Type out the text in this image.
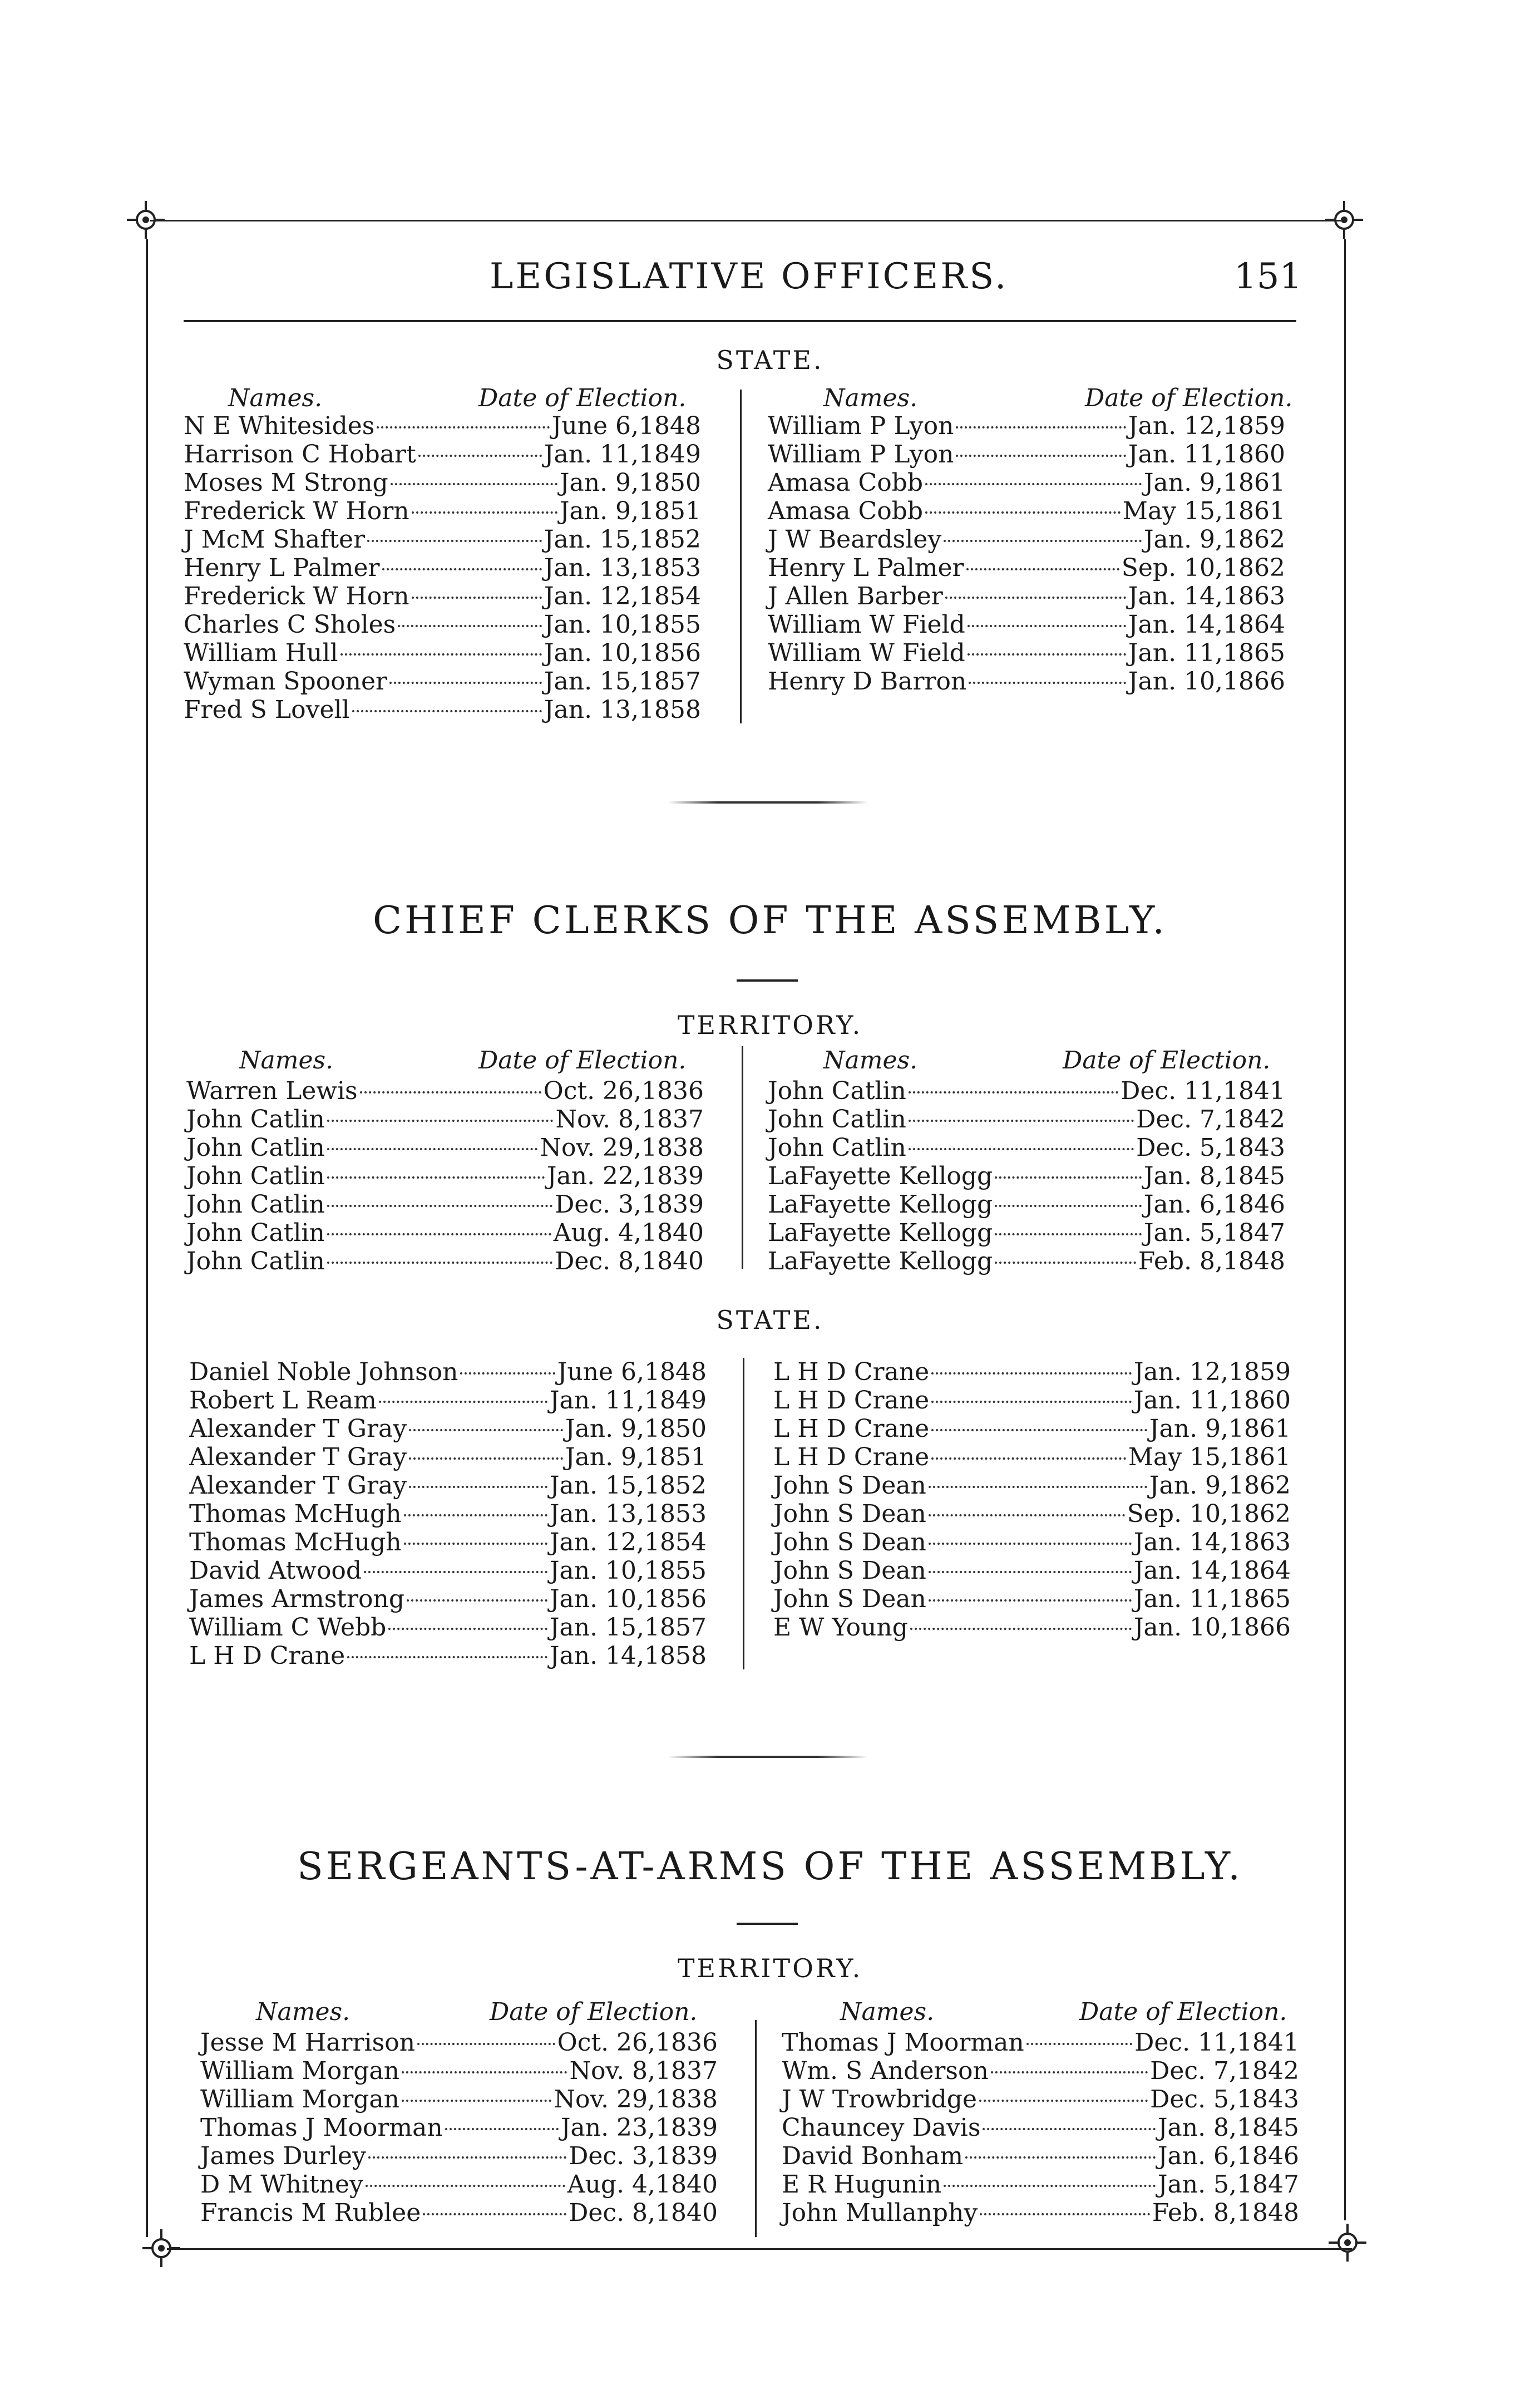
LEGISLATIVE OFFICERS.	151
STATE.
Names.	Date of Election.	Names.	Date of Election.
N E Whitesides	June 6,1848
Harrison C Hobart	Jan. 11,1849
Moses M Strong	Jan. 9,1850
Frederick W Horn	Jan. 9,1851
J McM Shafter	Jan. 15,1852
Henry L Palmer	Jan. 13,1853
Frederick W Horn	Jan. 12,1854
Charles C Sholes	Jan. 10,1855
William Hull	Jan. 10,1856
Wyman Spooner	Jan. 15,1857
Fred S Lovell	Jan. 13,1858
William P Lyon	Jan. 12,1859
William P Lyon	Jan. 11,1860
Amasa Cobb	Jan. 9,1861
Amasa Cobb	May 15,1861
J W Beardsley	Jan. 9,1862
Henry L Palmer	Sep. 10,1862
J Allen Barber	Jan. 14,1863
William W Field	Jan. 14,1864
William W Field	Jan. 11,1865
Henry D Barron	Jan. 10,1866
CHIEF CLERKS OF THE ASSEMBLY.
TERRITORY.
Names.	Date of Election.	Names.	Date of Election.
Warren Lewis	Oct. 26,1836
John Catlin	Nov. 8,1837
John Catlin	Nov. 29,1838
John Catlin	Jan. 22,1839
John Catlin	Dec. 3,1839
John Catlin	Aug. 4,1840
John Catlin	Dec. 8,1840
John Catlin	Dec. 11,1841
John Catlin	Dec. 7,1842
John Catlin	Dec. 5,1843
LaFayette Kellogg	Jan. 8,1845
LaFayette Kellogg	Jan. 6,1846
LaFayette Kellogg	Jan. 5,1847
LaFayette Kellogg	Feb. 8,1848
STATE.
Daniel Noble Johnson	June 6,1848
Robert L Ream	Jan. 11,1849
Alexander T Gray	Jan. 9,1850
Alexander T Gray	Jan. 9,1851
Alexander T Gray	Jan. 15,1852
Thomas McHugh	Jan. 13,1853
Thomas McHugh	Jan. 12,1854
David Atwood	Jan. 10,1855
James Armstrong	Jan. 10,1856
William C Webb	Jan. 15,1857
L H D Crane	Jan. 14,1858
L H D Crane	Jan. 12,1859
L H D Crane	Jan. 11,1860
L H D Crane	Jan. 9,1861
L H D Crane	May 15,1861
John S Dean	Jan. 9,1862
John S Dean	Sep. 10,1862
John S Dean	Jan. 14,1863
John S Dean	Jan. 14,1864
John S Dean	Jan. 11,1865
E W Young	Jan. 10,1866
SERGEANTS-AT-ARMS OF THE ASSEMBLY.
TERRITORY.
Names.	Date of Election.	Names.	Date of Election.
Jesse M Harrison	Oct. 26,1836
William Morgan	Nov. 8,1837
William Morgan	Nov. 29,1838
Thomas J Moorman	Jan. 23,1839
James Durley	Dec. 3,1839
D M Whitney	Aug. 4,1840
Francis M Rublee	Dec. 8,1840
Thomas J Moorman	Dec. 11,1841
Wm. S Anderson	Dec. 7,1842
J W Trowbridge	Dec. 5,1843
Chauncey Davis	Jan. 8,1845
David Bonham	Jan. 6,1846
E R Hugunin	Jan. 5,1847
John Mullanphy	Feb. 8,1848
